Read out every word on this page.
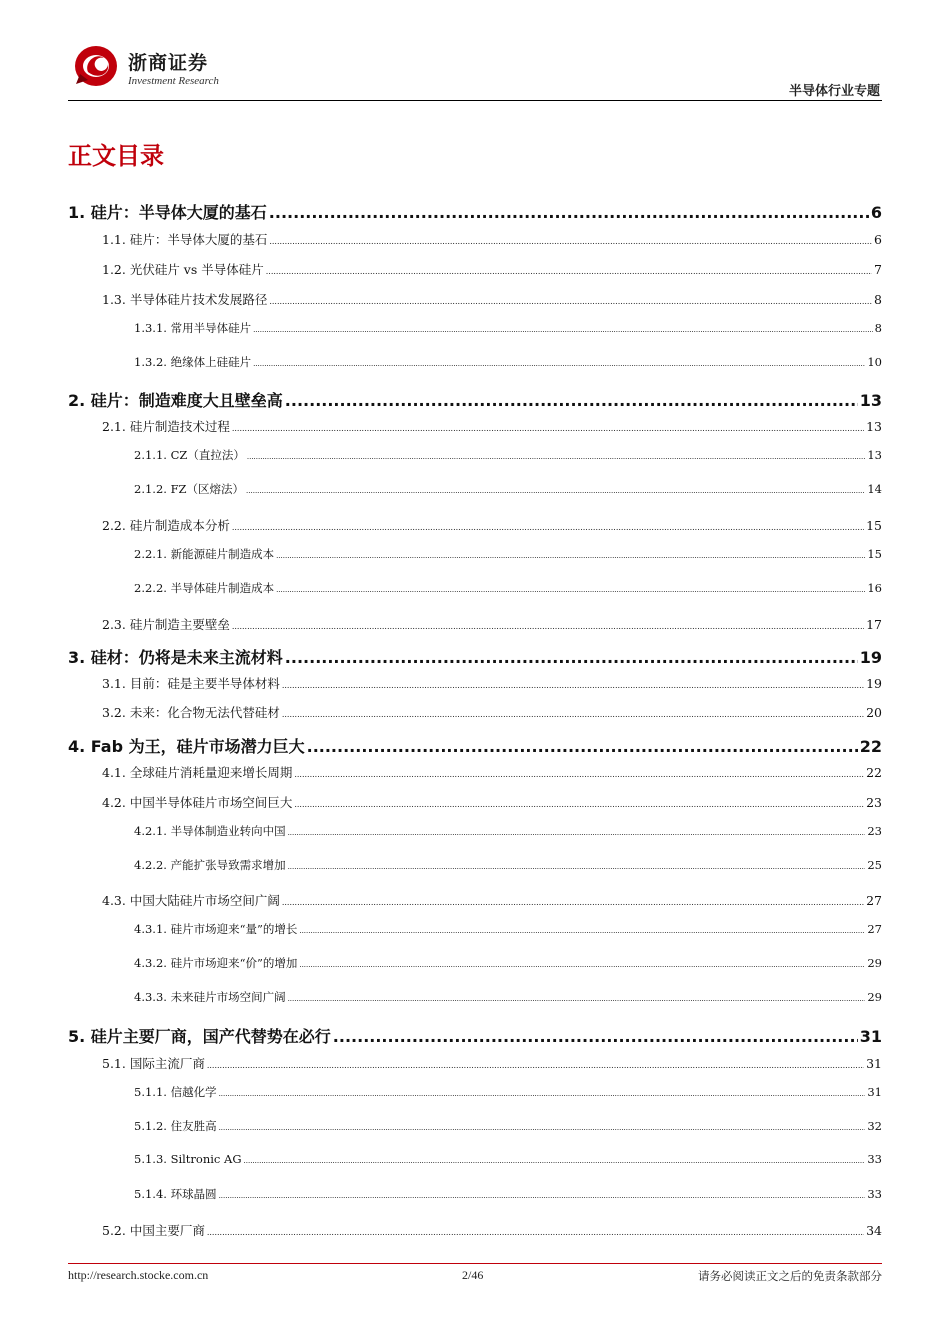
浙商证券
Investment Research
半导体行业专题
正文目录
1. 硅片：半导体大厦的基石 .....	6
1.1. 硅片：半导体大厦的基石 .....	6
1.2. 光伏硅片 vs 半导体硅片 .....	7
1.3. 半导体硅片技术发展路径 .....	8
1.3.1. 常用半导体硅片 .....	8
1.3.2. 绝缘体上硅硅片 .....	10
2. 硅片：制造难度大且壁垒高 .....	13
2.1. 硅片制造技术过程 .....	13
2.1.1. CZ（直拉法） .....	13
2.1.2. FZ（区熔法） .....	14
2.2. 硅片制造成本分析 .....	15
2.2.1. 新能源硅片制造成本 .....	15
2.2.2. 半导体硅片制造成本 .....	16
2.3. 硅片制造主要壁垒 .....	17
3. 硅材：仍将是未来主流材料 .....	19
3.1. 目前：硅是主要半导体材料 .....	19
3.2. 未来：化合物无法代替硅材 .....	20
4. Fab 为王，硅片市场潜力巨大 .....	22
4.1. 全球硅片消耗量迎来增长周期 .....	22
4.2. 中国半导体硅片市场空间巨大 .....	23
4.2.1. 半导体制造业转向中国 .....	23
4.2.2. 产能扩张导致需求增加 .....	25
4.3. 中国大陆硅片市场空间广阔 .....	27
4.3.1. 硅片市场迎来“量”的增长 .....	27
4.3.2. 硅片市场迎来“价”的增加 .....	29
4.3.3. 未来硅片市场空间广阔 .....	29
5. 硅片主要厂商，国产代替势在必行 .....	31
5.1. 国际主流厂商 .....	31
5.1.1. 信越化学 .....	31
5.1.2. 住友胜高 .....	32
5.1.3. Siltronic AG .....	33
5.1.4. 环球晶圆 .....	33
5.2. 中国主要厂商 .....	34
http://research.stocke.com.cn	2/46	请务必阅读正文之后的免责条款部分
